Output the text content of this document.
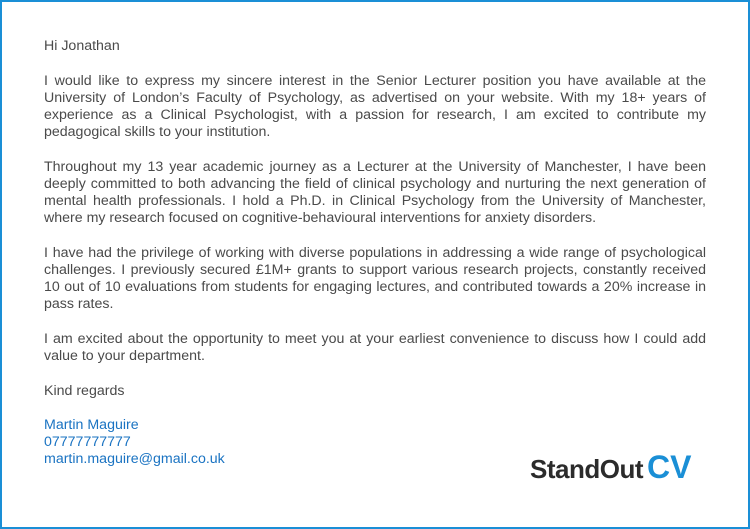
Hi Jonathan

I would like to express my sincere interest in the Senior Lecturer position you have available at the University of London’s Faculty of Psychology, as advertised on your website. With my 18+ years of experience as a Clinical Psychologist, with a passion for research, I am excited to contribute my pedagogical skills to your institution.

Throughout my 13 year academic journey as a Lecturer at the University of Manchester, I have been deeply committed to both advancing the field of clinical psychology and nurturing the next generation of mental health professionals. I hold a Ph.D. in Clinical Psychology from the University of Manchester, where my research focused on cognitive-behavioural interventions for anxiety disorders.

I have had the privilege of working with diverse populations in addressing a wide range of psychological challenges. I previously secured £1M+ grants to support various research projects, constantly received 10 out of 10 evaluations from students for engaging lectures, and contributed towards a 20% increase in pass rates.

I am excited about the opportunity to meet you at your earliest convenience to discuss how I could add value to your department.

Kind regards

Martin Maguire

07777777777

martin.maguire@gmail.co.uk	StandOut CV
